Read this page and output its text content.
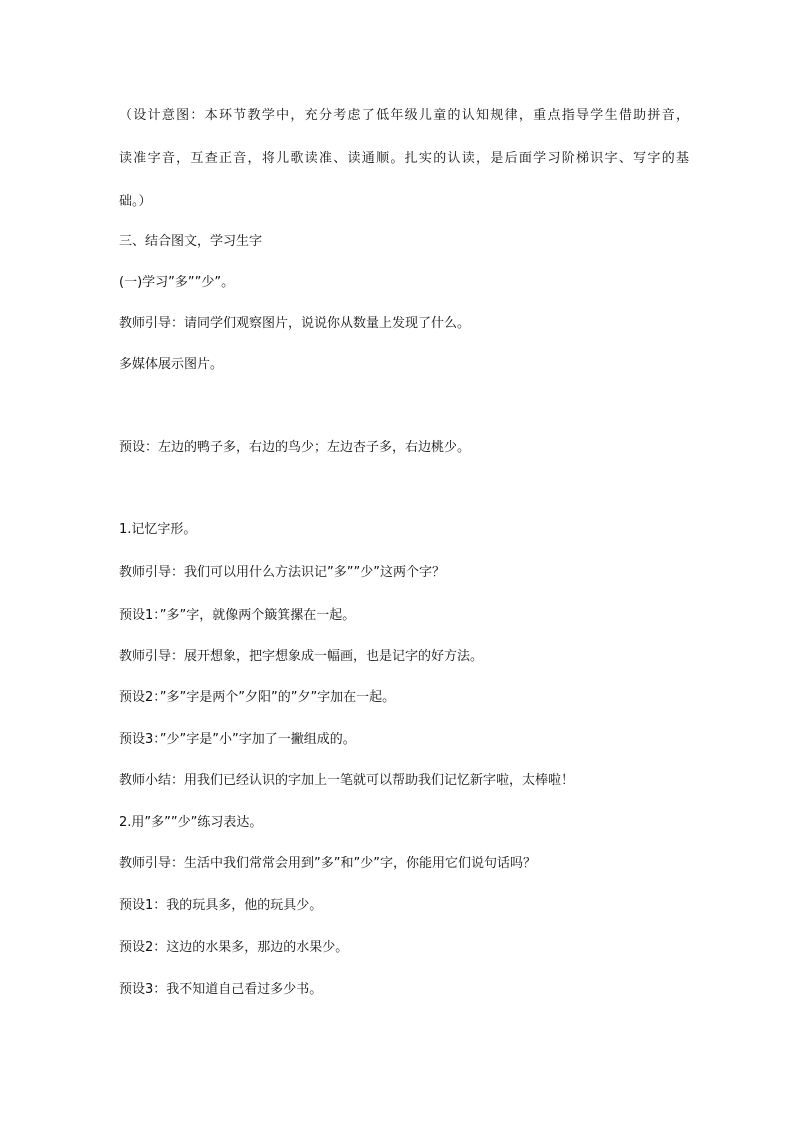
（设计意图：本环节教学中，充分考虑了低年级儿童的认知规律，重点指导学生借助拼音，
读准字音，互查正音，将儿歌读准、读通顺。扎实的认读，是后面学习阶梯识字、写字的基
础。）
三、结合图文，学习生字
(一)学习”多””少”。
教师引导：请同学们观察图片，说说你从数量上发现了什么。
多媒体展示图片。
预设：左边的鸭子多，右边的鸟少；左边杏子多，右边桃少。
1.记忆字形。
教师引导：我们可以用什么方法识记”多””少”这两个字？
预设1：”多”字，就像两个簸箕摞在一起。
教师引导：展开想象，把字想象成一幅画，也是记字的好方法。
预设2：”多”字是两个”夕阳”的”夕”字加在一起。
预设3：”少”字是”小”字加了一撇组成的。
教师小结：用我们已经认识的字加上一笔就可以帮助我们记忆新字啦，太棒啦！
2.用”多””少”练习表达。
教师引导：生活中我们常常会用到”多”和”少”字，你能用它们说句话吗？
预设1：我的玩具多，他的玩具少。
预设2：这边的水果多，那边的水果少。
预设3：我不知道自己看过多少书。
